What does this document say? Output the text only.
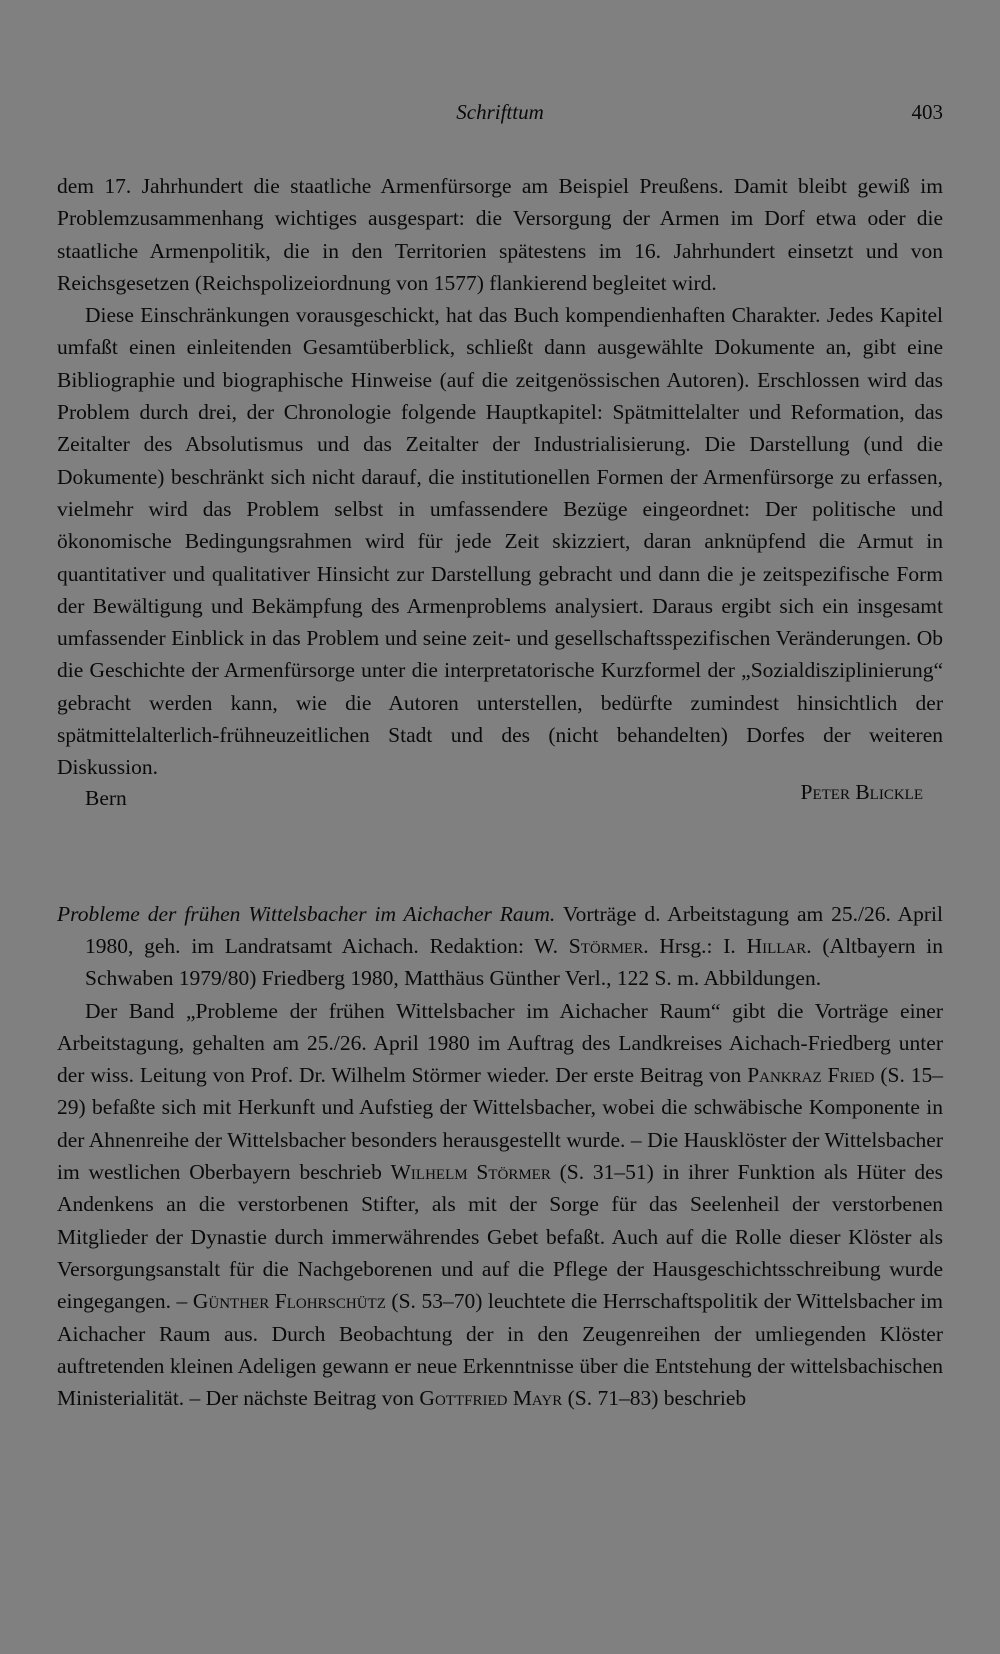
Schrifttum	403

dem 17. Jahrhundert die staatliche Armenfürsorge am Beispiel Preußens. Damit bleibt gewiß im Problemzusammenhang wichtiges ausgespart: die Versorgung der Armen im Dorf etwa oder die staatliche Armenpolitik, die in den Territorien spätestens im 16. Jahrhundert einsetzt und von Reichsgesetzen (Reichspolizeiordnung von 1577) flankierend begleitet wird.

Diese Einschränkungen vorausgeschickt, hat das Buch kompendienhaften Charakter. Jedes Kapitel umfaßt einen einleitenden Gesamtüberblick, schließt dann ausgewählte Dokumente an, gibt eine Bibliographie und biographische Hinweise (auf die zeitgenössischen Autoren). Erschlossen wird das Problem durch drei, der Chronologie folgende Hauptkapitel: Spätmittelalter und Reformation, das Zeitalter des Absolutismus und das Zeitalter der Industrialisierung. Die Darstellung (und die Dokumente) beschränkt sich nicht darauf, die institutionellen Formen der Armenfürsorge zu erfassen, vielmehr wird das Problem selbst in umfassendere Bezüge eingeordnet: Der politische und ökonomische Bedingungsrahmen wird für jede Zeit skizziert, daran anknüpfend die Armut in quantitativer und qualitativer Hinsicht zur Darstellung gebracht und dann die je zeitspezifische Form der Bewältigung und Bekämpfung des Armenproblems analysiert. Daraus ergibt sich ein insgesamt umfassender Einblick in das Problem und seine zeit- und gesellschaftsspezifischen Veränderungen. Ob die Geschichte der Armenfürsorge unter die interpretatorische Kurzformel der „Sozialdisziplinierung“ gebracht werden kann, wie die Autoren unterstellen, bedürfte zumindest hinsichtlich der spätmittelalterlich-frühneuzeitlichen Stadt und des (nicht behandelten) Dorfes der weiteren Diskussion.

Bern	Peter Blickle

Probleme der frühen Wittelsbacher im Aichacher Raum. Vorträge d. Arbeitstagung am 25./26. April 1980, geh. im Landratsamt Aichach. Redaktion: W. Störmer. Hrsg.: I. Hillar. (Altbayern in Schwaben 1979/80) Friedberg 1980, Matthäus Günther Verl., 122 S. m. Abbildungen.

Der Band „Probleme der frühen Wittelsbacher im Aichacher Raum“ gibt die Vorträge einer Arbeitstagung, gehalten am 25./26. April 1980 im Auftrag des Landkreises Aichach-Friedberg unter der wiss. Leitung von Prof. Dr. Wilhelm Störmer wieder. Der erste Beitrag von Pankraz Fried (S. 15–29) befaßte sich mit Herkunft und Aufstieg der Wittelsbacher, wobei die schwäbische Komponente in der Ahnenreihe der Wittelsbacher besonders herausgestellt wurde. – Die Hausklöster der Wittelsbacher im westlichen Oberbayern beschrieb Wilhelm Störmer (S. 31–51) in ihrer Funktion als Hüter des Andenkens an die verstorbenen Stifter, als mit der Sorge für das Seelenheil der verstorbenen Mitglieder der Dynastie durch immerwährendes Gebet befaßt. Auch auf die Rolle dieser Klöster als Versorgungsanstalt für die Nachgeborenen und auf die Pflege der Hausgeschichtsschreibung wurde eingegangen. – Günther Flohrschütz (S. 53–70) leuchtete die Herrschaftspolitik der Wittelsbacher im Aichacher Raum aus. Durch Beobachtung der in den Zeugenreihen der umliegenden Klöster auftretenden kleinen Adeligen gewann er neue Erkenntnisse über die Entstehung der wittelsbachischen Ministerialität. – Der nächste Beitrag von Gottfried Mayr (S. 71–83) beschrieb
